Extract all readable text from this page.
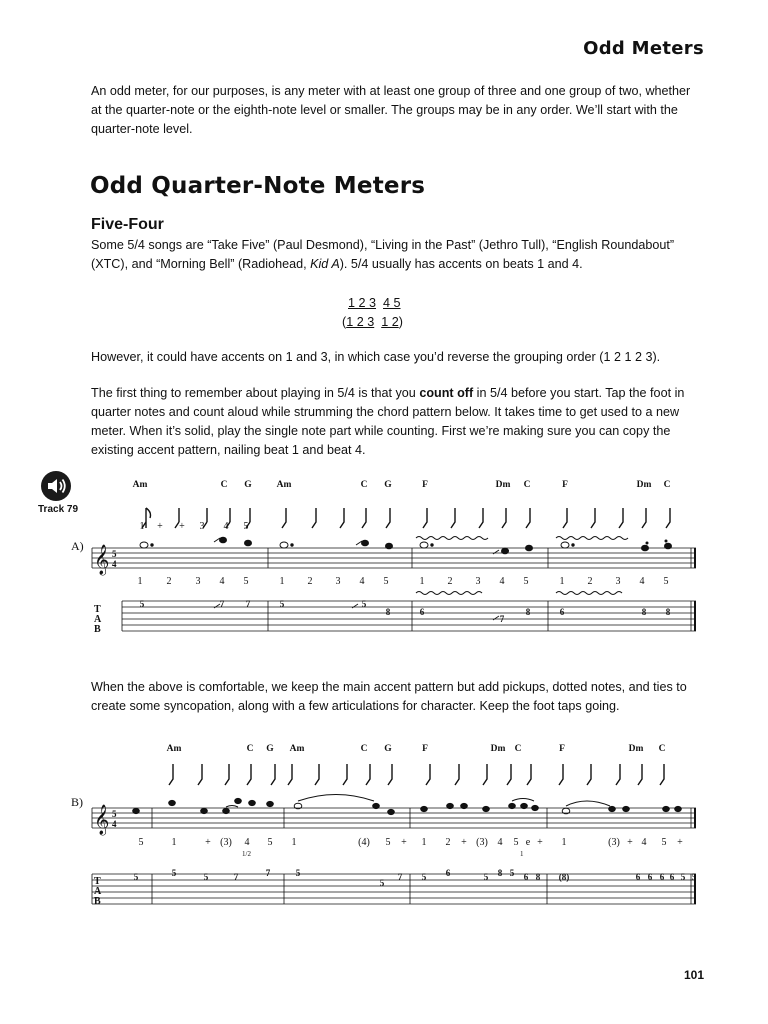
Odd Meters
An odd meter, for our purposes, is any meter with at least one group of three and one group of two, whether at the quarter-note or the eighth-note level or smaller. The groups may be in any order. We’ll start with the quarter-note level.
Odd Quarter-Note Meters
Five-Four
Some 5/4 songs are “Take Five” (Paul Desmond), “Living in the Past” (Jethro Tull), “English Roundabout” (XTC), and “Morning Bell” (Radiohead, Kid A). 5/4 usually has accents on beats 1 and 4.
1 2 3 4 5
(1 2 3 1 2)
However, it could have accents on 1 and 3, in which case you’d reverse the grouping order (1 2 1 2 3).
The first thing to remember about playing in 5/4 is that you count off in 5/4 before you start. Tap the foot in quarter notes and count aloud while strumming the chord pattern below. It takes time to get used to a new meter. When it’s solid, play the single note part while counting. First we’re making sure you can copy the existing accent pattern, nailing beat 1 and beat 4.
Track 79
Am	C G	Am	C G	F	Dm C	F	Dm C
1 + + 3 4 5
A) 𝄞 5
4
1 2 3 4 5	1 2 3 4 5	1 2 3 4 5	1 2 3 4 5
T
A
B
5	7 7	5	5
8	6
7
8	6	8 8
When the above is comfortable, we keep the main accent pattern but add pickups, dotted notes, and ties to create some syncopation, along with a few articulations for character. Keep the foot taps going.
Am	C G Am	C G	F	Dm C	F	Dm C
B)
𝄞 5
4
5	1	+ (3) 4 5 1	(4) 5 + 1 2 + (3) 4 5 e + 1	(3) + 4 5 +
1/2	1
T
A
B
5	5	5	7	7	5
5
7 5 6	5 8 5 6 8 (8)	6 6 6 6 5 5
101
